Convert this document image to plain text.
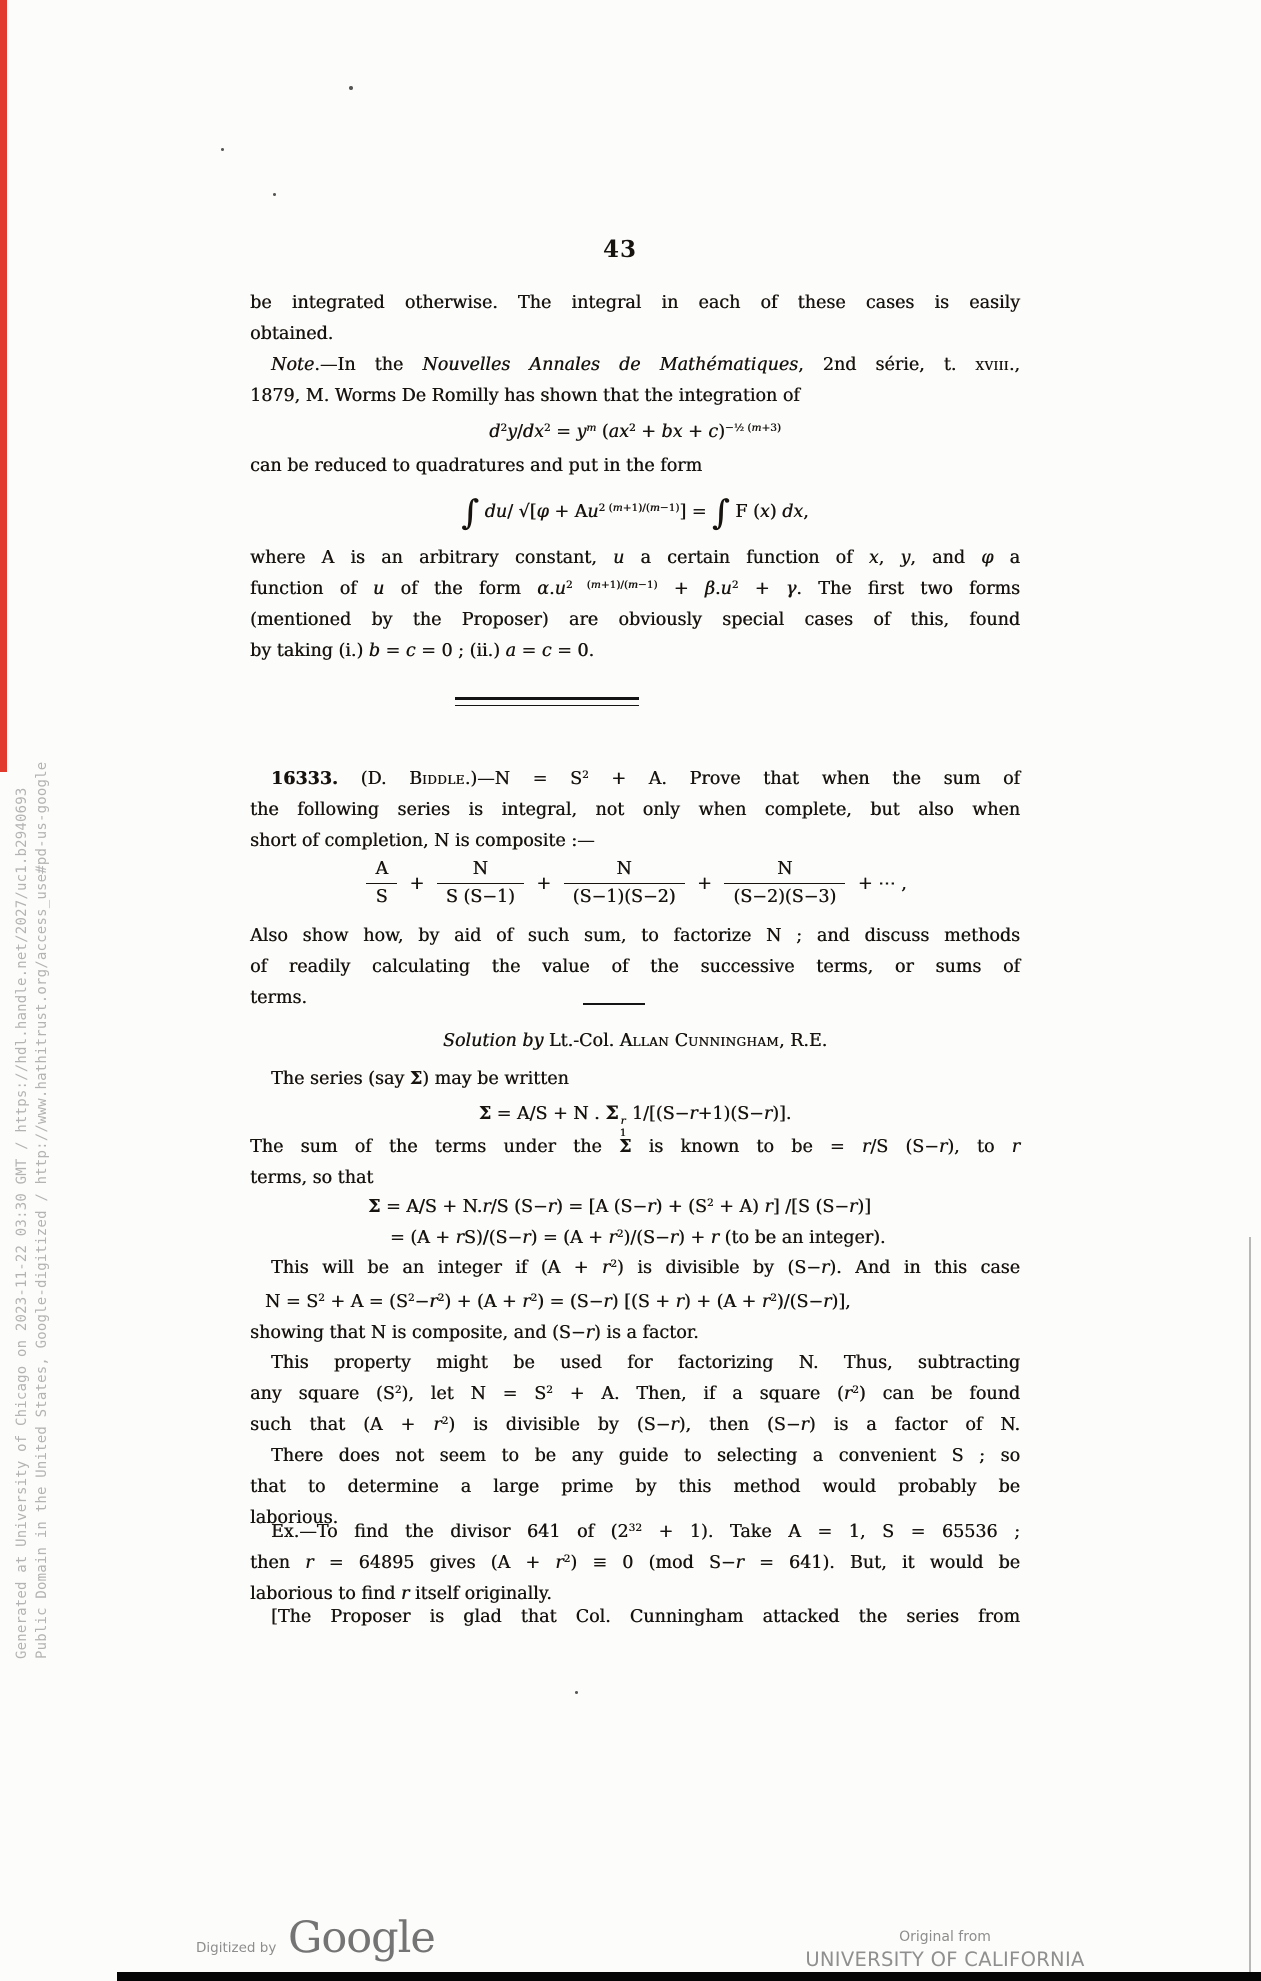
Generated at University of Chicago on 2023-11-22 03:30 GMT / https://hdl.handle.net/2027/uc1.b2940693 Public Domain in the United States, Google-digitized / http://www.hathitrust.org/access_use#pd-us-google
43
be integrated otherwise. The integral in each of these cases is easily
obtained.
Note.—In the Nouvelles Annales de Mathématiques, 2nd série, t. xviii.,
1879, M. Worms De Romilly has shown that the integration of
$d^2y/dx^2 = y^m$ ($ax^2$ + bx + c)$^{-\frac{1}{2} (m+3)}$
can be reduced to quadratures and put in the form
∫ du/ $√[\varphi + Au^{2 (m+1)/(m-1)}]$ = ∫ F (x) dx,
where A is an arbitrary constant, u a certain function of x, y, and φ a
function of u of the form $\alpha.u^{2 (m+1)/(m-1)} + \beta.u^2 + \gamma$. The first two forms
(mentioned by the Proposer) are obviously special cases of this, found
by taking (i.) b = c = 0 ; (ii.) a = c = 0.
16333. (D. Biddle.)—N = $S^2 + A$. Prove that when the sum of
the following series is integral, not only when complete, but also when
short of completion, N is composite :—
$\frac{A}{S} + \frac{N}{S (S-1)} + \frac{N}{(S-1)(S-2)} + \frac{N}{(S-2)(S-3)}$ + ⋯ ,
Also show how, by aid of such sum, to factorize N ; and discuss methods
of readily calculating the value of the successive terms, or sums of
terms.
Solution by Lt.-Col. Allan Cunningham, R.E.
The series (say Σ) may be written
Σ = A/S + N . Σ r
1
1/[(S−r+1)(S−r)].
The sum of the terms under the Σ is known to be = r/S (S−r), to r
terms, so that
Σ = A/S + N.r/S (S−r) = [A $(S-r) + (S^2 + A)$ r] /[S (S−r)]
= $(A + rS)/(S-r) = (A + r^2)/(S-r) + r$ (to be an integer).
This will be an integer if $(A + r^2)$ is divisible by (S−r). And in this case
$N = S^2 + A = (S^2-r^2) + (A + r^2) = (S-r) [(S + r) + (A + r^2)/(S-r)]$,
showing that N is composite, and (S−r) is a factor.
This property might be used for factorizing N. Thus, subtracting
any square $(S^2)$, let $N = S^2 + A$. Then, if a square $(r^2)$ can be found
such that $(A + r^2)$ is divisible by (S−r), then (S−r) is a factor of N.
There does not seem to be any guide to selecting a convenient S ; so
that to determine a large prime by this method would probably be
laborious.
Ex.—To find the divisor 641 of $(2^{32} + 1)$. Take A = 1, S = 65536 ;
then r = 64895 gives $(A + r^2) \equiv 0$ (mod S−r = 641). But, it would be
laborious to find r itself originally.
[The Proposer is glad that Col. Cunningham attacked the series from
Digitized by Google	Original from
UNIVERSITY OF CALIFORNIA
